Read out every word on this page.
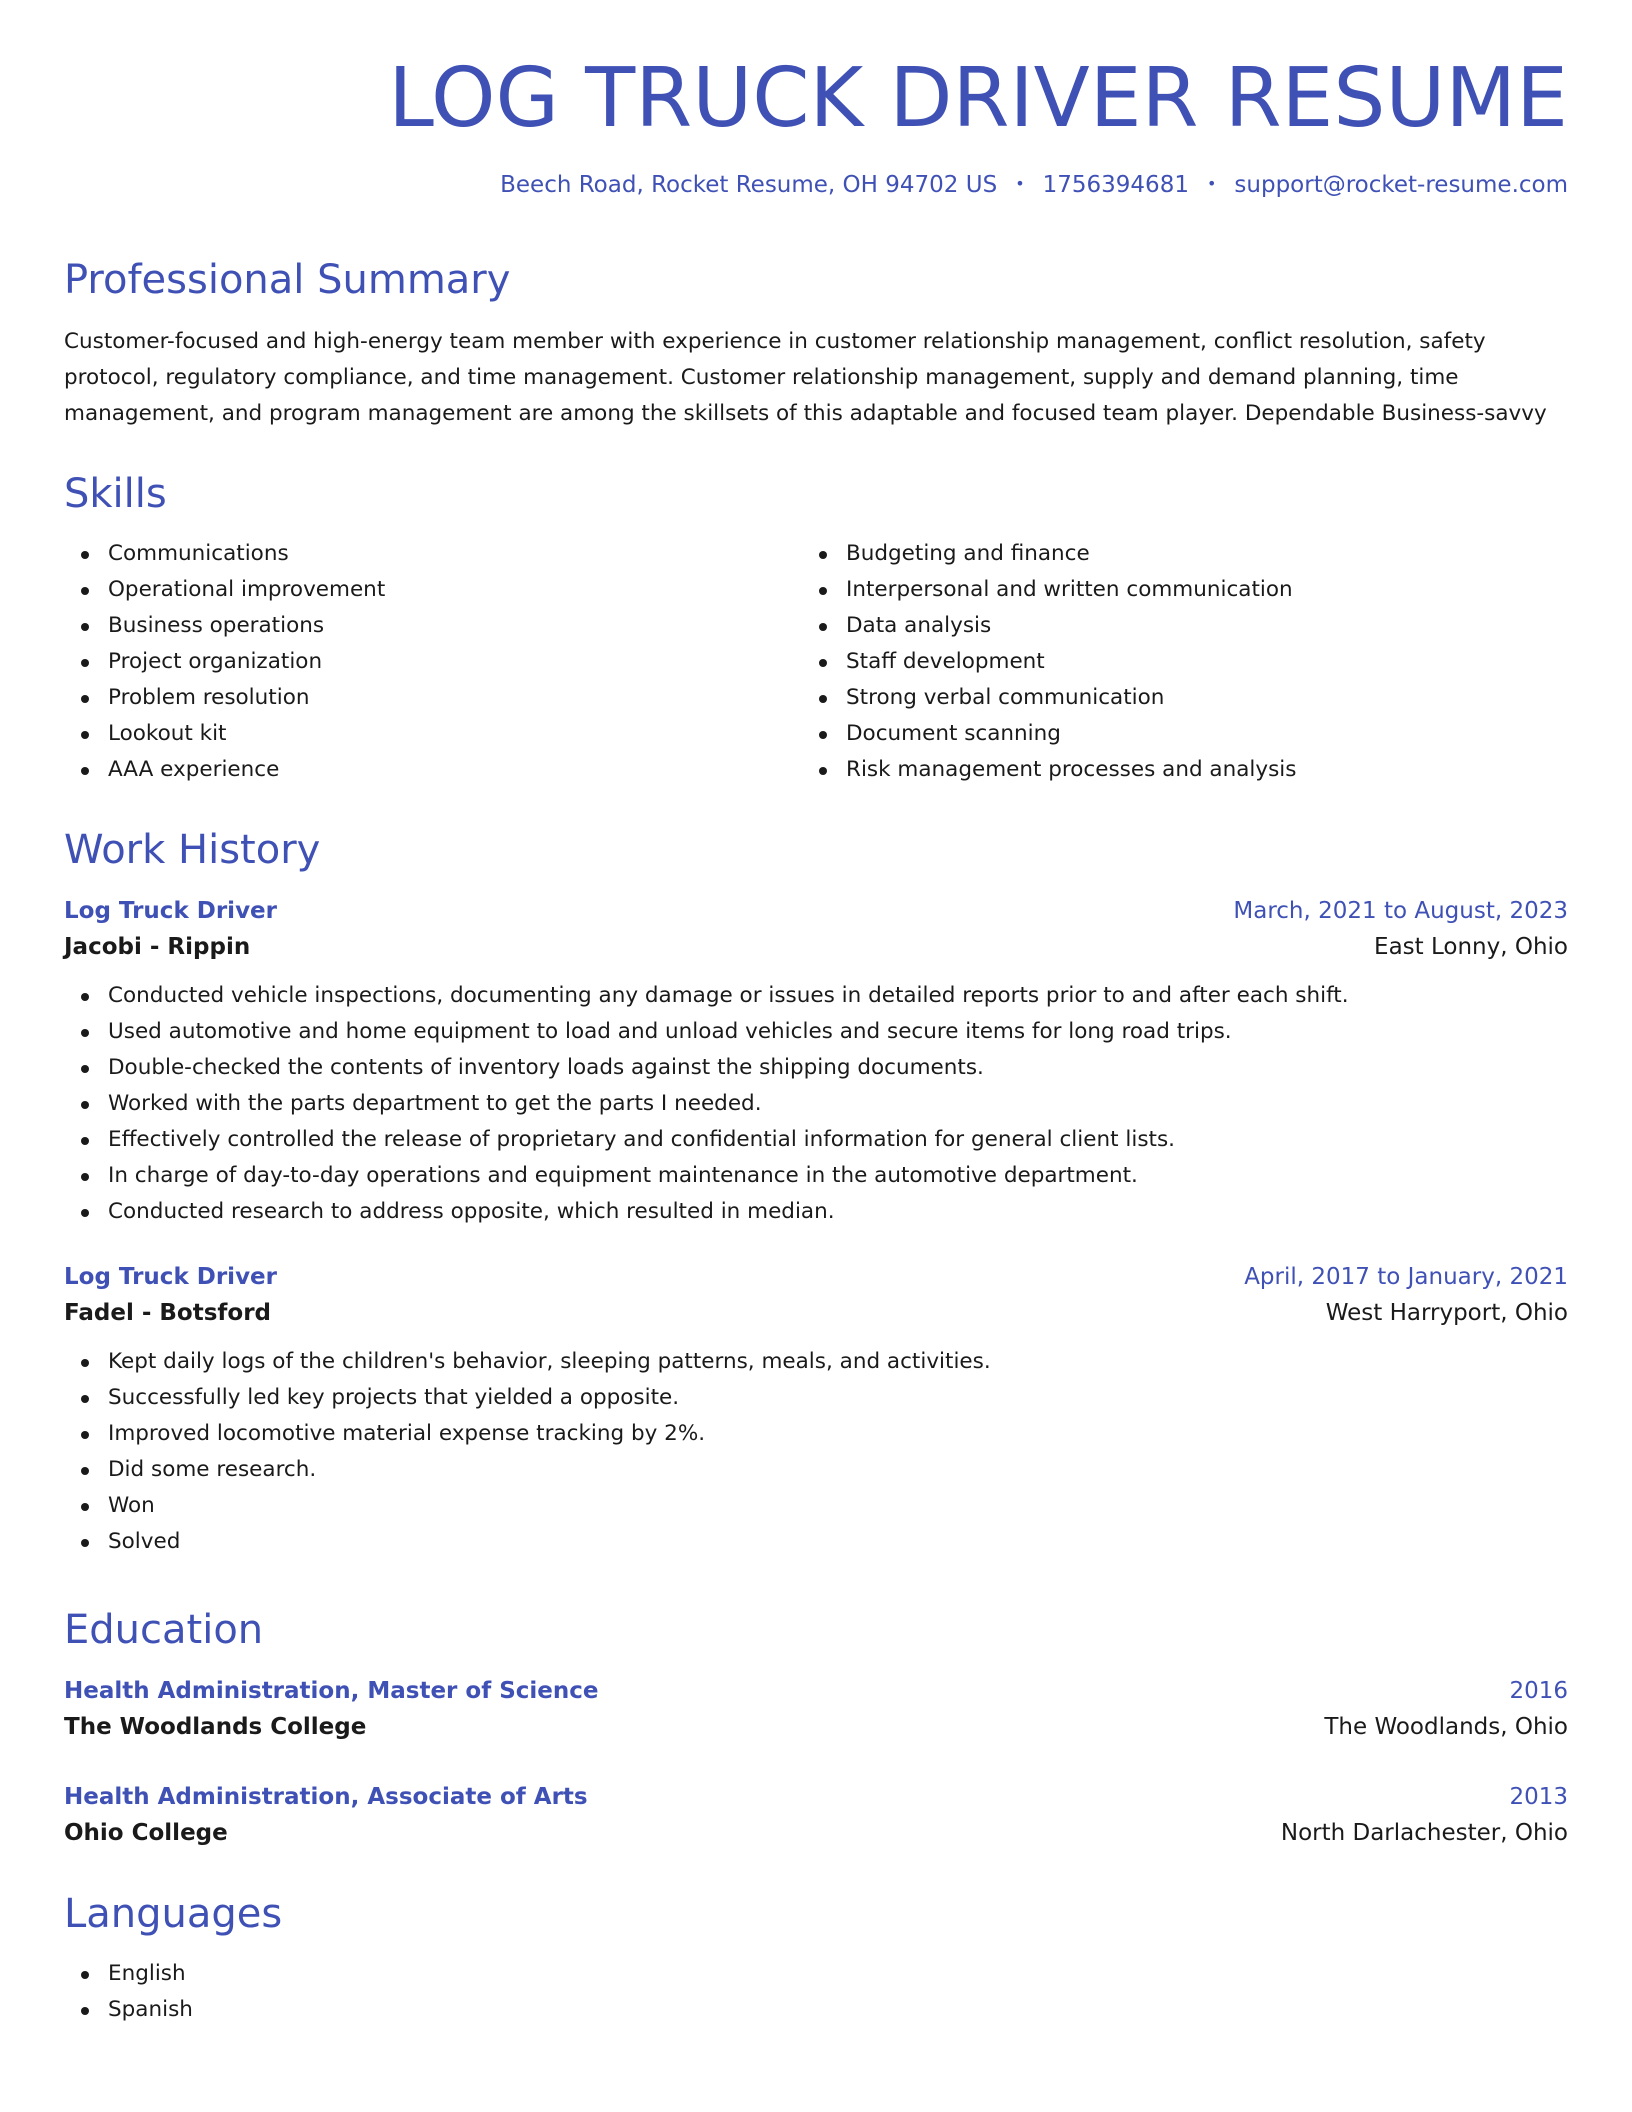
LOG TRUCK DRIVER RESUME
Beech Road, Rocket Resume, OH 94702 US • 1756394681 • support@rocket-resume.com
Professional Summary
Customer-focused and high-energy team member with experience in customer relationship management, conflict resolution, safety protocol, regulatory compliance, and time management. Customer relationship management, supply and demand planning, time management, and program management are among the skillsets of this adaptable and focused team player. Dependable Business-savvy
Skills
Communications
Operational improvement
Business operations
Project organization
Problem resolution
Lookout kit
AAA experience
Budgeting and finance
Interpersonal and written communication
Data analysis
Staff development
Strong verbal communication
Document scanning
Risk management processes and analysis
Work History
Log Truck Driver	March, 2021 to August, 2023
Jacobi - Rippin	East Lonny, Ohio
Conducted vehicle inspections, documenting any damage or issues in detailed reports prior to and after each shift.
Used automotive and home equipment to load and unload vehicles and secure items for long road trips.
Double-checked the contents of inventory loads against the shipping documents.
Worked with the parts department to get the parts I needed.
Effectively controlled the release of proprietary and confidential information for general client lists.
In charge of day-to-day operations and equipment maintenance in the automotive department.
Conducted research to address opposite, which resulted in median.
Log Truck Driver	April, 2017 to January, 2021
Fadel - Botsford	West Harryport, Ohio
Kept daily logs of the children's behavior, sleeping patterns, meals, and activities.
Successfully led key projects that yielded a opposite.
Improved locomotive material expense tracking by 2%.
Did some research.
Won
Solved
Education
Health Administration, Master of Science	2016
The Woodlands College	The Woodlands, Ohio
Health Administration, Associate of Arts	2013
Ohio College	North Darlachester, Ohio
Languages
English
Spanish
